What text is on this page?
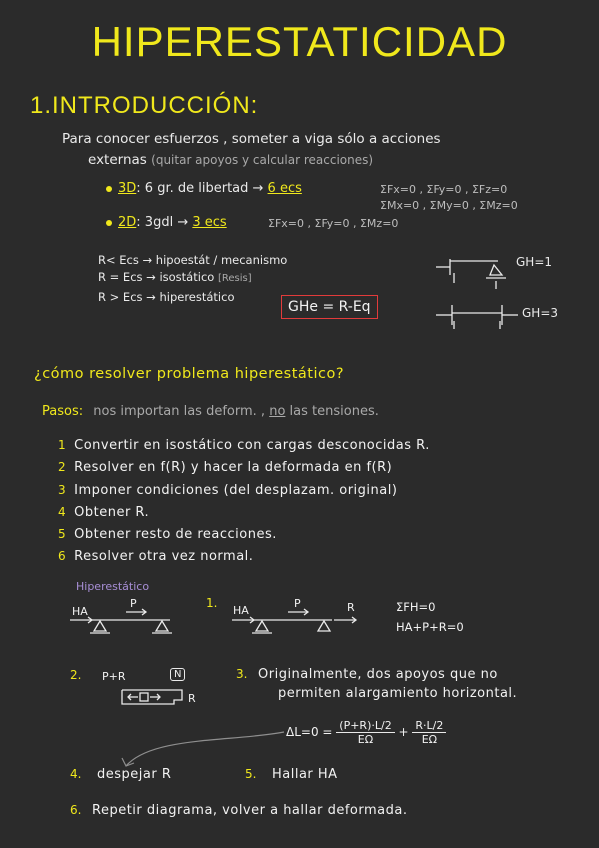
HIPERESTATICIDAD
1.INTRODUCCIÓN:
Para conocer esfuerzos , someter a viga sólo a acciones
externas (quitar apoyos y calcular reacciones)
3D: 6 gr. de libertad → 6 ecs	ΣFx=0 , ΣFy=0 , ΣFz=0
ΣMx=0 , ΣMy=0 , ΣMz=0
2D: 3gdl → 3 ecs	ΣFx=0 , ΣFy=0 , ΣMz=0
R< Ecs → hipoestát / mecanismo
R = Ecs → isostático [Resis]
R > Ecs → hiperestático
GHe = R-Eq
GH=1
GH=3
¿cómo resolver problema hiperestático?
Pasos: nos importan las deform. , no las tensiones.
1 Convertir en isostático con cargas desconocidas R.
2 Resolver en f(R) y hacer la deformada en f(R)
3 Imponer condiciones (del desplazam. original)
4 Obtener R.
5 Obtener resto de reacciones.
6 Resolver otra vez normal.
Hiperestático
HA
P	1.
HA
P	R	ΣFH=0
HA+P+R=0
2. P+R	N
R
3. Originalmente, dos apoyos que no
permiten alargamiento horizontal.
$\Delta L=0 = \frac{(P+R)\cdot L/2}{E\Omega} + \frac{R\cdot L/2}{E\Omega}$
4. despejar R	5. Hallar HA
6. Repetir diagrama, volver a hallar deformada.
